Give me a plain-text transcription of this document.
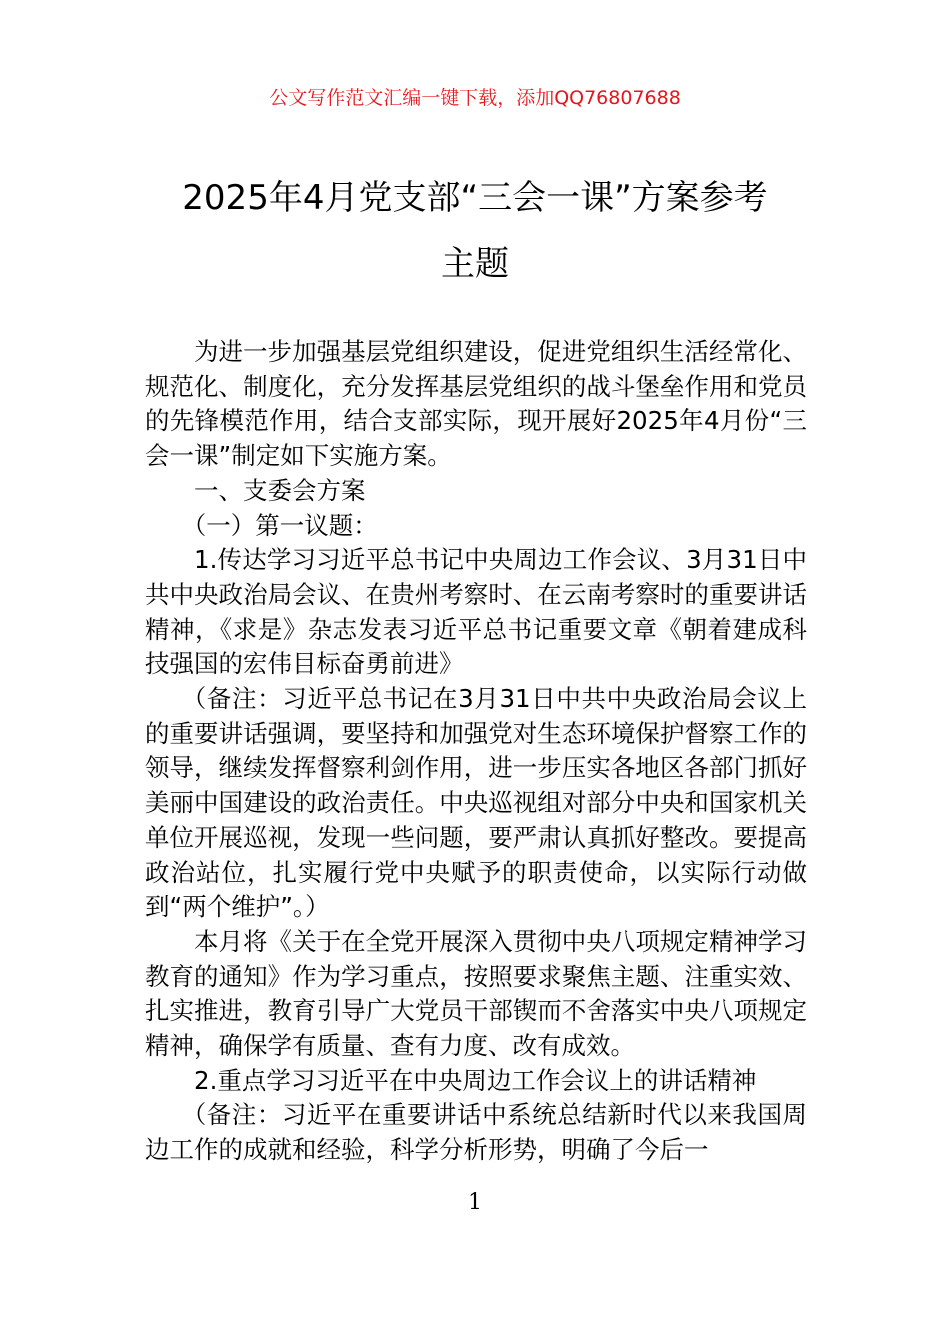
公文写作范文汇编一键下载，添加QQ76807688
2025年4月党支部“三会一课”方案参考
主题

为进一步加强基层党组织建设，促进党组织生活经常化、规范化、制度化，充分发挥基层党组织的战斗堡垒作用和党员的先锋模范作用，结合支部实际，现开展好2025年4月份“三会一课”制定如下实施方案。

一、支委会方案

（一）第一议题：

1.传达学习习近平总书记中央周边工作会议、3月31日中共中央政治局会议、在贵州考察时、在云南考察时的重要讲话精神，《求是》杂志发表习近平总书记重要文章《朝着建成科技强国的宏伟目标奋勇前进》

（备注：习近平总书记在3月31日中共中央政治局会议上的重要讲话强调，要坚持和加强党对生态环境保护督察工作的领导，继续发挥督察利剑作用，进一步压实各地区各部门抓好美丽中国建设的政治责任。中央巡视组对部分中央和国家机关单位开展巡视，发现一些问题，要严肃认真抓好整改。要提高政治站位，扎实履行党中央赋予的职责使命，以实际行动做到“两个维护”。）

本月将《关于在全党开展深入贯彻中央八项规定精神学习教育的通知》作为学习重点，按照要求聚焦主题、注重实效、扎实推进，教育引导广大党员干部锲而不舍落实中央八项规定精神，确保学有质量、查有力度、改有成效。

2.重点学习习近平在中央周边工作会议上的讲话精神

（备注：习近平在重要讲话中系统总结新时代以来我国周边工作的成就和经验，科学分析形势，明确了今后一

1
